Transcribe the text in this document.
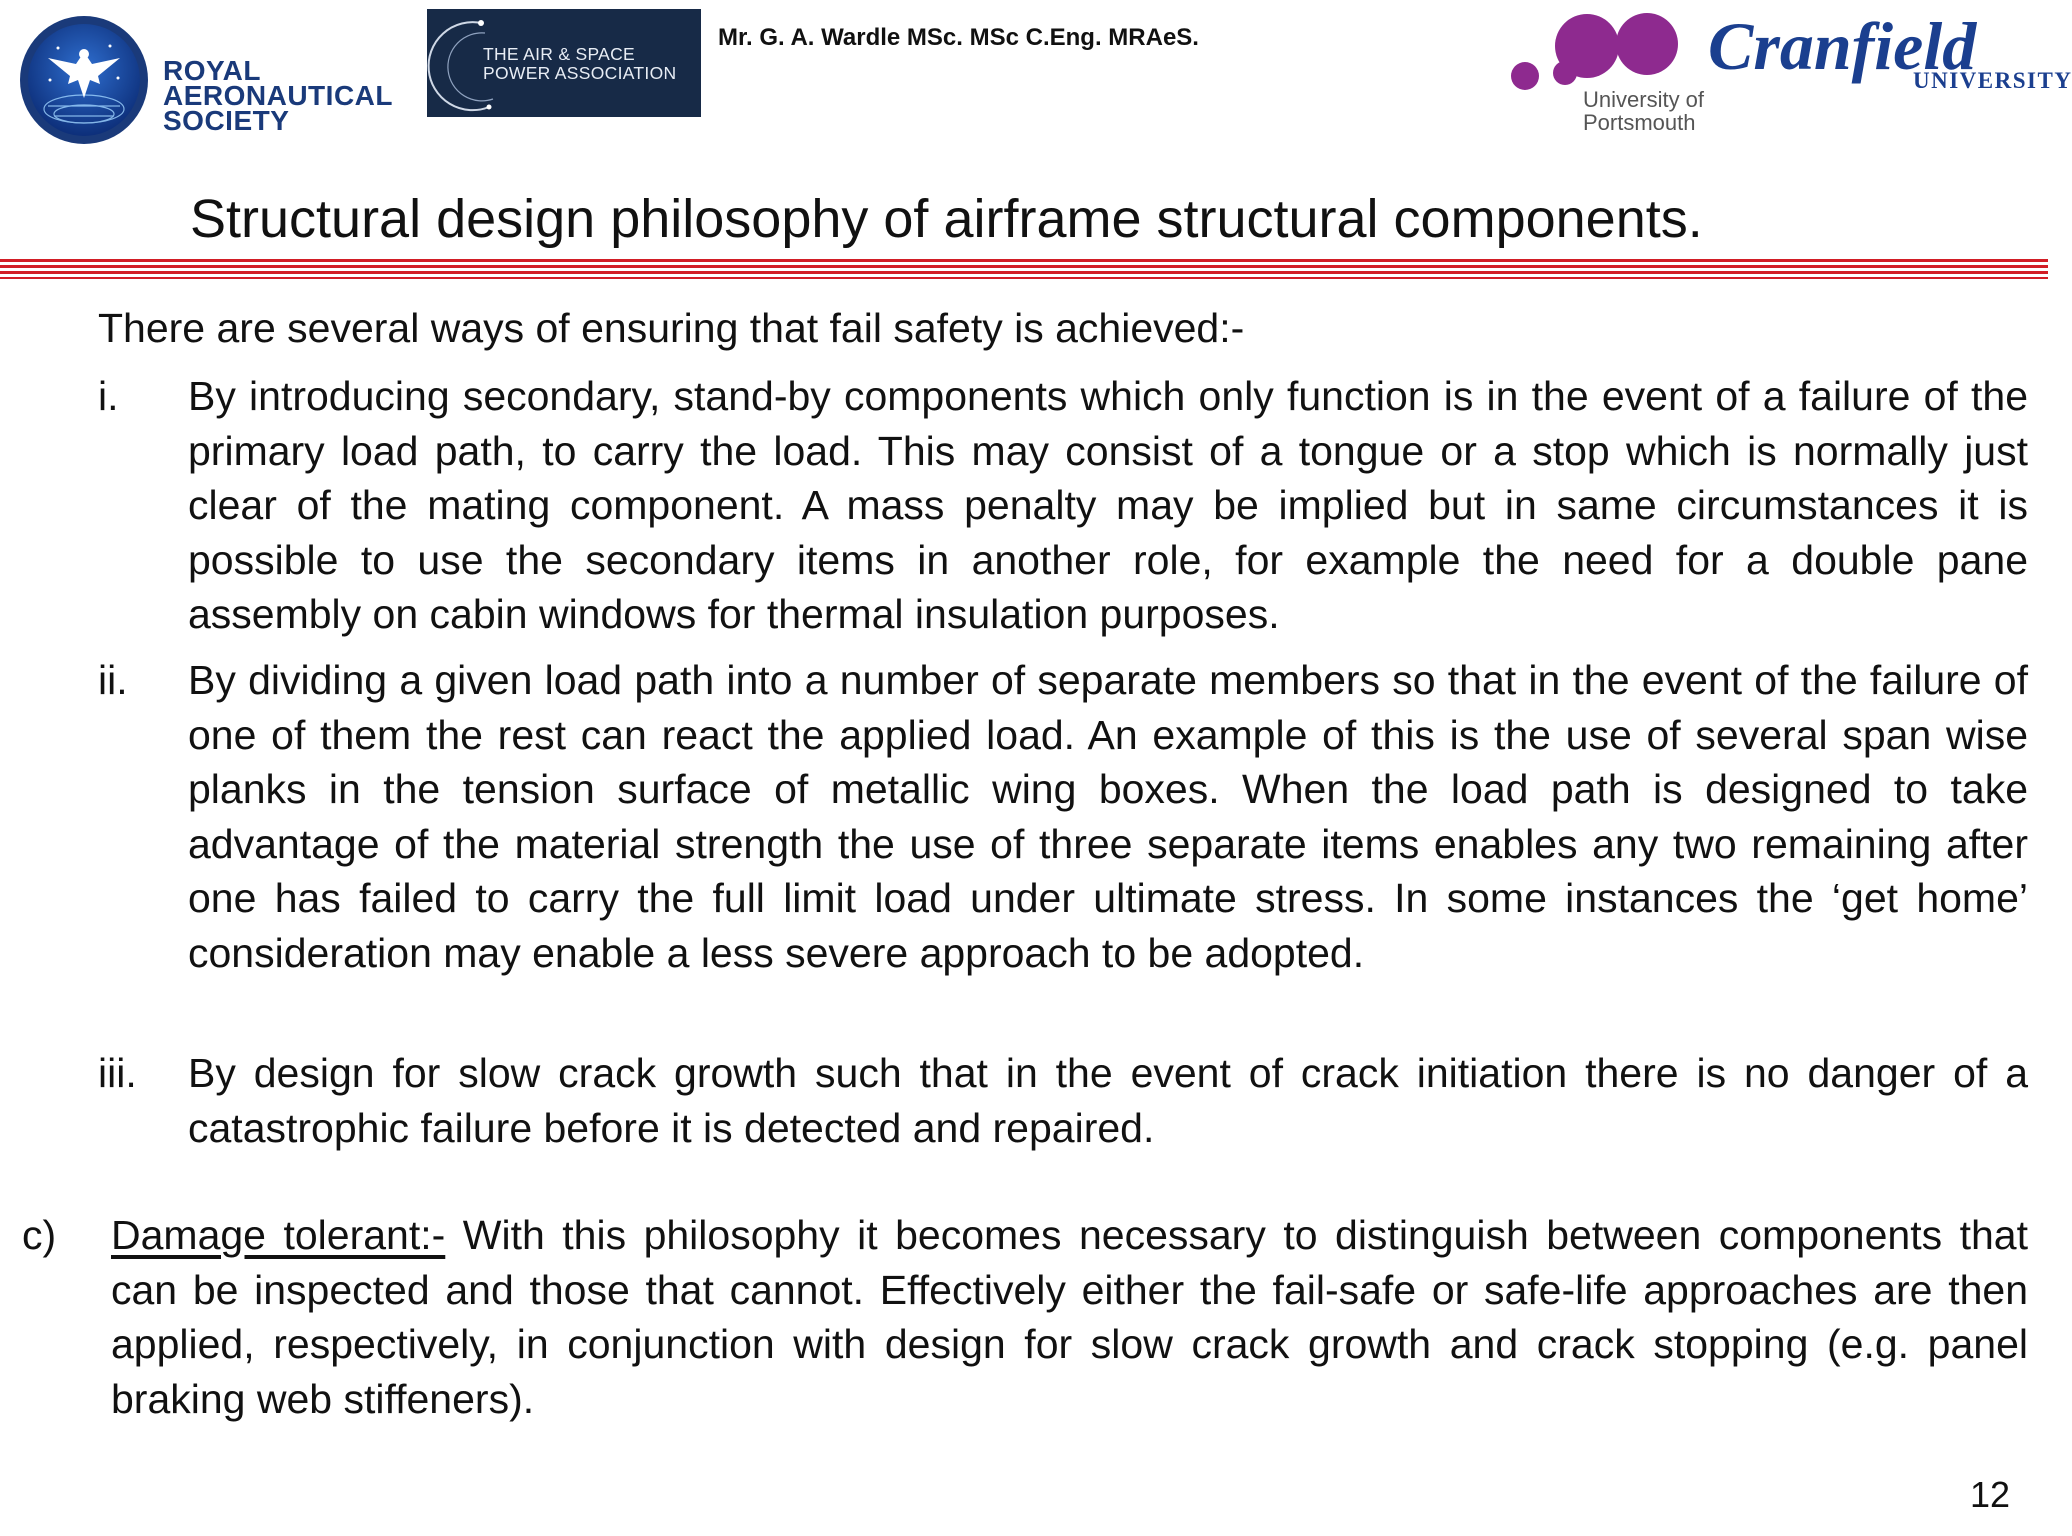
ROYAL
AERONAUTICAL
SOCIETY
THE AIR & SPACE
POWER ASSOCIATION
Mr. G. A. Wardle MSc. MSc C.Eng. MRAeS.
University of
Portsmouth
Cranfield
UNIVERSITY
Structural design philosophy of airframe structural components.
There are several ways of ensuring that fail safety is achieved:-
i. By introducing secondary, stand-by components which only function is in the event of a failure of the primary load path, to carry the load. This may consist of a tongue or a stop which is normally just clear of the mating component. A mass penalty may be implied but in same circumstances it is possible to use the secondary items in another role, for example the need for a double pane assembly on cabin windows for thermal insulation purposes.
ii. By dividing a given load path into a number of separate members so that in the event of the failure of one of them the rest can react the applied load. An example of this is the use of several span wise planks in the tension surface of metallic wing boxes. When the load path is designed to take advantage of the material strength the use of three separate items enables any two remaining after one has failed to carry the full limit load under ultimate stress. In some instances the ‘get home’ consideration may enable a less severe approach to be adopted.
iii. By design for slow crack growth such that in the event of crack initiation there is no danger of a catastrophic failure before it is detected and repaired.
c) Damage tolerant:- With this philosophy it becomes necessary to distinguish between components that can be inspected and those that cannot. Effectively either the fail-safe or safe-life approaches are then applied, respectively, in conjunction with design for slow crack growth and crack stopping (e.g. panel braking web stiffeners).
12
